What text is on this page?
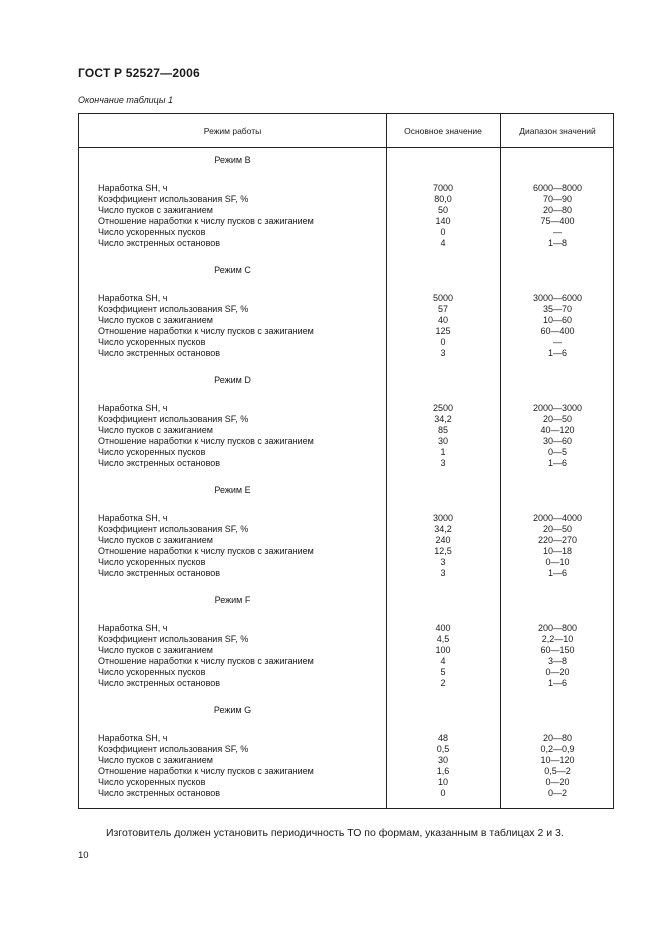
ГОСТ Р 52527—2006
Окончание таблицы 1
Режим работы	Основное значение	Диапазон значений
Режим B
Наработка SH, ч	7000	6000—8000
Коэффициент использования SF, %	80,0	70—90
Число пусков с зажиганием	50	20—80
Отношение наработки к числу пусков с зажиганием	140	75—400
Число ускоренных пусков	0	—
Число экстренных остановов	4	1—8
Режим C
Наработка SH, ч	5000	3000—6000
Коэффициент использования SF, %	57	35—70
Число пусков с зажиганием	40	10—60
Отношение наработки к числу пусков с зажиганием	125	60—400
Число ускоренных пусков	0	—
Число экстренных остановов	3	1—6
Режим D
Наработка SH, ч	2500	2000—3000
Коэффициент использования SF, %	34,2	20—50
Число пусков с зажиганием	85	40—120
Отношение наработки к числу пусков с зажиганием	30	30—60
Число ускоренных пусков	1	0—5
Число экстренных остановов	3	1—6
Режим E
Наработка SH, ч	3000	2000—4000
Коэффициент использования SF, %	34,2	20—50
Число пусков с зажиганием	240	220—270
Отношение наработки к числу пусков с зажиганием	12,5	10—18
Число ускоренных пусков	3	0—10
Число экстренных остановов	3	1—6
Режим F
Наработка SH, ч	400	200—800
Коэффициент использования SF, %	4,5	2,2—10
Число пусков с зажиганием	100	60—150
Отношение наработки к числу пусков с зажиганием	4	3—8
Число ускоренных пусков	5	0—20
Число экстренных остановов	2	1—6
Режим G
Наработка SH, ч	48	20—80
Коэффициент использования SF, %	0,5	0,2—0,9
Число пусков с зажиганием	30	10—120
Отношение наработки к числу пусков с зажиганием	1,6	0,5—2
Число ускоренных пусков	10	0—20
Число экстренных остановов	0	0—2
Изготовитель должен установить периодичность ТО по формам, указанным в таблицах 2 и 3.
10
